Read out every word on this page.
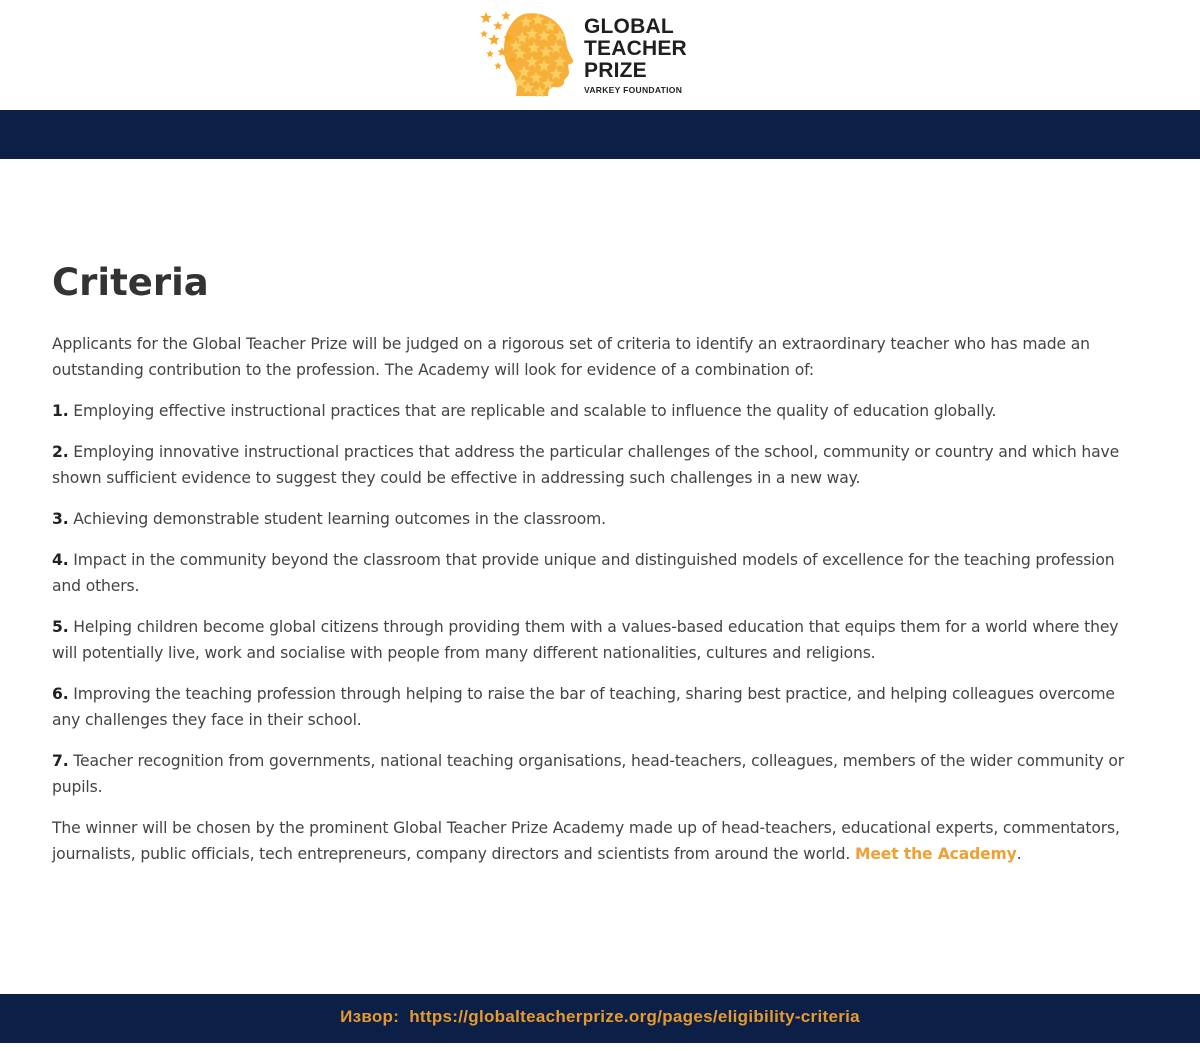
GLOBAL
TEACHER
PRIZE
VARKEY FOUNDATION
Criteria

Applicants for the Global Teacher Prize will be judged on a rigorous set of criteria to identify an extraordinary teacher who has made an outstanding contribution to the profession. The Academy will look for evidence of a combination of:

1. Employing effective instructional practices that are replicable and scalable to influence the quality of education globally.

2. Employing innovative instructional practices that address the particular challenges of the school, community or country and which have shown sufficient evidence to suggest they could be effective in addressing such challenges in a new way.

3. Achieving demonstrable student learning outcomes in the classroom.

4. Impact in the community beyond the classroom that provide unique and distinguished models of excellence for the teaching profession and others.

5. Helping children become global citizens through providing them with a values-based education that equips them for a world where they will potentially live, work and socialise with people from many different nationalities, cultures and religions.

6. Improving the teaching profession through helping to raise the bar of teaching, sharing best practice, and helping colleagues overcome any challenges they face in their school.

7. Teacher recognition from governments, national teaching organisations, head-teachers, colleagues, members of the wider community or pupils.

The winner will be chosen by the prominent Global Teacher Prize Academy made up of head-teachers, educational experts, commentators, journalists, public officials, tech entrepreneurs, company directors and scientists from around the world. Meet the Academy.

Извор: https://globalteacherprize.org/pages/eligibility-criteria
